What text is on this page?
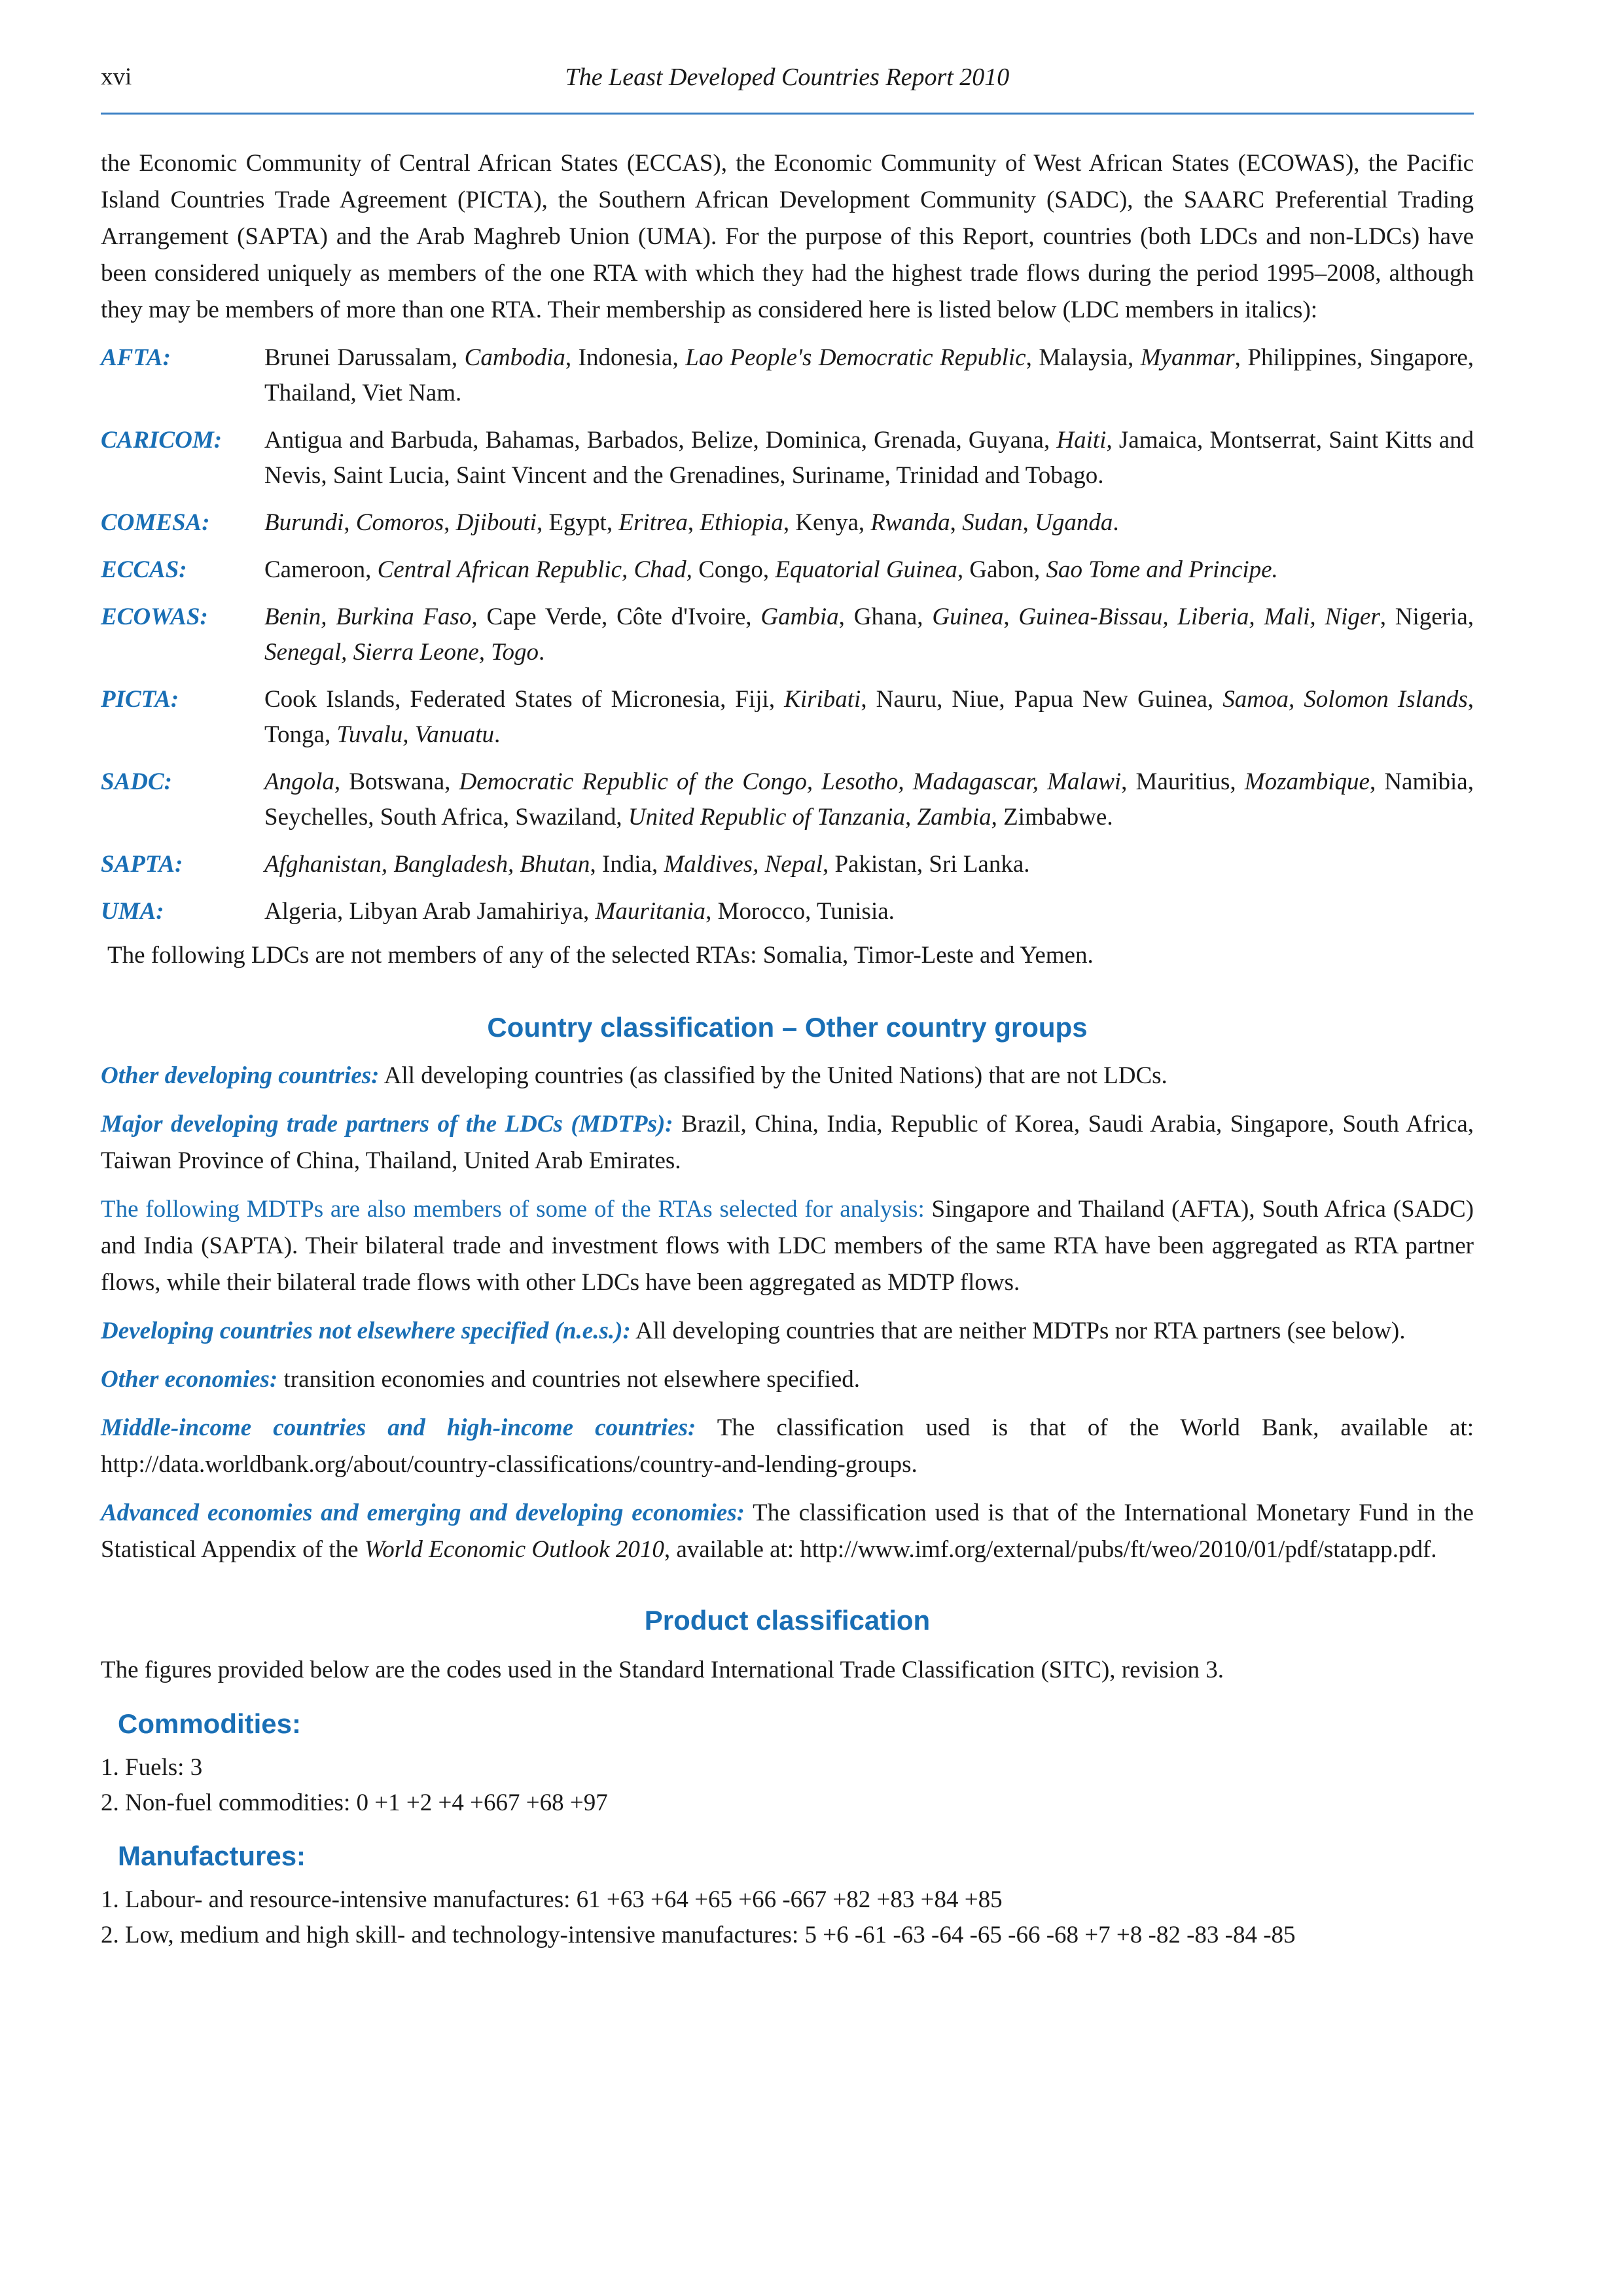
xvi	The Least Developed Countries Report 2010

the Economic Community of Central African States (ECCAS), the Economic Community of West African States (ECOWAS), the Pacific Island Countries Trade Agreement (PICTA), the Southern African Development Community (SADC), the SAARC Preferential Trading Arrangement (SAPTA) and the Arab Maghreb Union (UMA). For the purpose of this Report, countries (both LDCs and non-LDCs) have been considered uniquely as members of the one RTA with which they had the highest trade flows during the period 1995–2008, although they may be members of more than one RTA. Their membership as considered here is listed below (LDC members in italics):

AFTA:	Brunei Darussalam, Cambodia, Indonesia, Lao People's Democratic Republic, Malaysia, Myanmar, Philippines, Singapore, Thailand, Viet Nam.
CARICOM:	Antigua and Barbuda, Bahamas, Barbados, Belize, Dominica, Grenada, Guyana, Haiti, Jamaica, Montserrat, Saint Kitts and Nevis, Saint Lucia, Saint Vincent and the Grenadines, Suriname, Trinidad and Tobago.
COMESA:	Burundi, Comoros, Djibouti, Egypt, Eritrea, Ethiopia, Kenya, Rwanda, Sudan, Uganda.
ECCAS:	Cameroon, Central African Republic, Chad, Congo, Equatorial Guinea, Gabon, Sao Tome and Principe.
ECOWAS:	Benin, Burkina Faso, Cape Verde, Côte d'Ivoire, Gambia, Ghana, Guinea, Guinea-Bissau, Liberia, Mali, Niger, Nigeria, Senegal, Sierra Leone, Togo.
PICTA:	Cook Islands, Federated States of Micronesia, Fiji, Kiribati, Nauru, Niue, Papua New Guinea, Samoa, Solomon Islands, Tonga, Tuvalu, Vanuatu.
SADC:	Angola, Botswana, Democratic Republic of the Congo, Lesotho, Madagascar, Malawi, Mauritius, Mozambique, Namibia, Seychelles, South Africa, Swaziland, United Republic of Tanzania, Zambia, Zimbabwe.
SAPTA:	Afghanistan, Bangladesh, Bhutan, India, Maldives, Nepal, Pakistan, Sri Lanka.
UMA:	Algeria, Libyan Arab Jamahiriya, Mauritania, Morocco, Tunisia.

The following LDCs are not members of any of the selected RTAs: Somalia, Timor-Leste and Yemen.

Country classification – Other country groups

Other developing countries: All developing countries (as classified by the United Nations) that are not LDCs.

Major developing trade partners of the LDCs (MDTPs): Brazil, China, India, Republic of Korea, Saudi Arabia, Singapore, South Africa, Taiwan Province of China, Thailand, United Arab Emirates.

The following MDTPs are also members of some of the RTAs selected for analysis: Singapore and Thailand (AFTA), South Africa (SADC) and India (SAPTA). Their bilateral trade and investment flows with LDC members of the same RTA have been aggregated as RTA partner flows, while their bilateral trade flows with other LDCs have been aggregated as MDTP flows.

Developing countries not elsewhere specified (n.e.s.): All developing countries that are neither MDTPs nor RTA partners (see below).

Other economies: transition economies and countries not elsewhere specified.

Middle-income countries and high-income countries: The classification used is that of the World Bank, available at: http://data.worldbank.org/about/country-classifications/country-and-lending-groups.

Advanced economies and emerging and developing economies: The classification used is that of the International Monetary Fund in the Statistical Appendix of the World Economic Outlook 2010, available at: http://www.imf.org/external/pubs/ft/weo/2010/01/pdf/statapp.pdf.

Product classification

The figures provided below are the codes used in the Standard International Trade Classification (SITC), revision 3.

Commodities:
1. Fuels: 3
2. Non-fuel commodities: 0 +1 +2 +4 +667 +68 +97
Manufactures:
1. Labour- and resource-intensive manufactures: 61 +63 +64 +65 +66 -667 +82 +83 +84 +85
2. Low, medium and high skill- and technology-intensive manufactures: 5 +6 -61 -63 -64 -65 -66 -68 +7 +8 -82 -83 -84 -85
